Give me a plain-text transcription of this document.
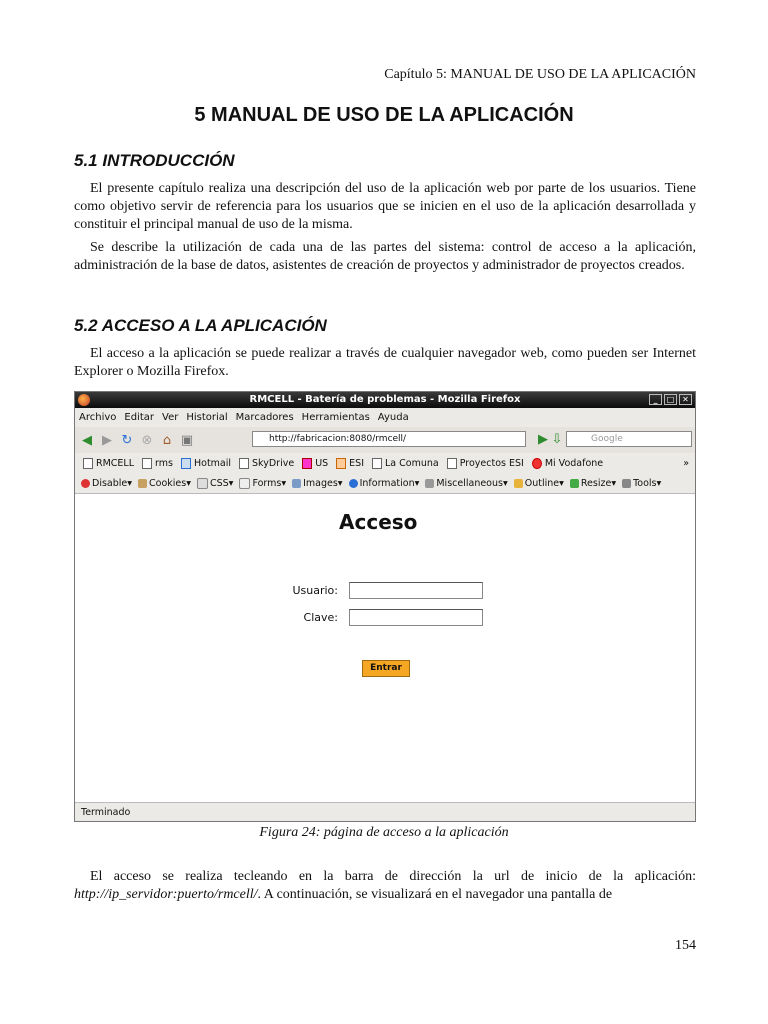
Capítulo 5: MANUAL DE USO DE LA APLICACIÓN
5 MANUAL DE USO DE LA APLICACIÓN
5.1 INTRODUCCIÓN

El presente capítulo realiza una descripción del uso de la aplicación web por parte de los usuarios. Tiene como objetivo servir de referencia para los usuarios que se inicien en el uso de la aplicación desarrollada y constituir el principal manual de uso de la misma.

Se describe la utilización de cada una de las partes del sistema: control de acceso a la aplicación, administración de la base de datos, asistentes de creación de proyectos y administrador de proyectos creados.

5.2 ACCESO A LA APLICACIÓN

El acceso a la aplicación se puede realizar a través de cualquier navegador web, como pueden ser Internet Explorer o Mozilla Firefox.

RMCELL - Batería de problemas - Mozilla Firefox	_	□ ✕
Archivo Editar Ver Historial Marcadores Herramientas Ayuda
◀ ▶ ↻ ⊗ ⌂ ▣	http://fabricacion:8080/rmcell/	▶ ⇩	Google
RMCELL rms Hotmail SkyDrive US ESI La Comuna Proyectos ESI Mi Vodafone	»
Disable▾ Cookies▾ CSS▾ Forms▾ Images▾ Information▾ Miscellaneous▾ Outline▾ Resize▾ Tools▾
Acceso
Usuario:
Clave:
Entrar
Terminado
Figura 24: página de acceso a la aplicación

El acceso se realiza tecleando en la barra de dirección la url de inicio de la aplicación: http://ip_servidor:puerto/rmcell/. A continuación, se visualizará en el navegador una pantalla de

154
